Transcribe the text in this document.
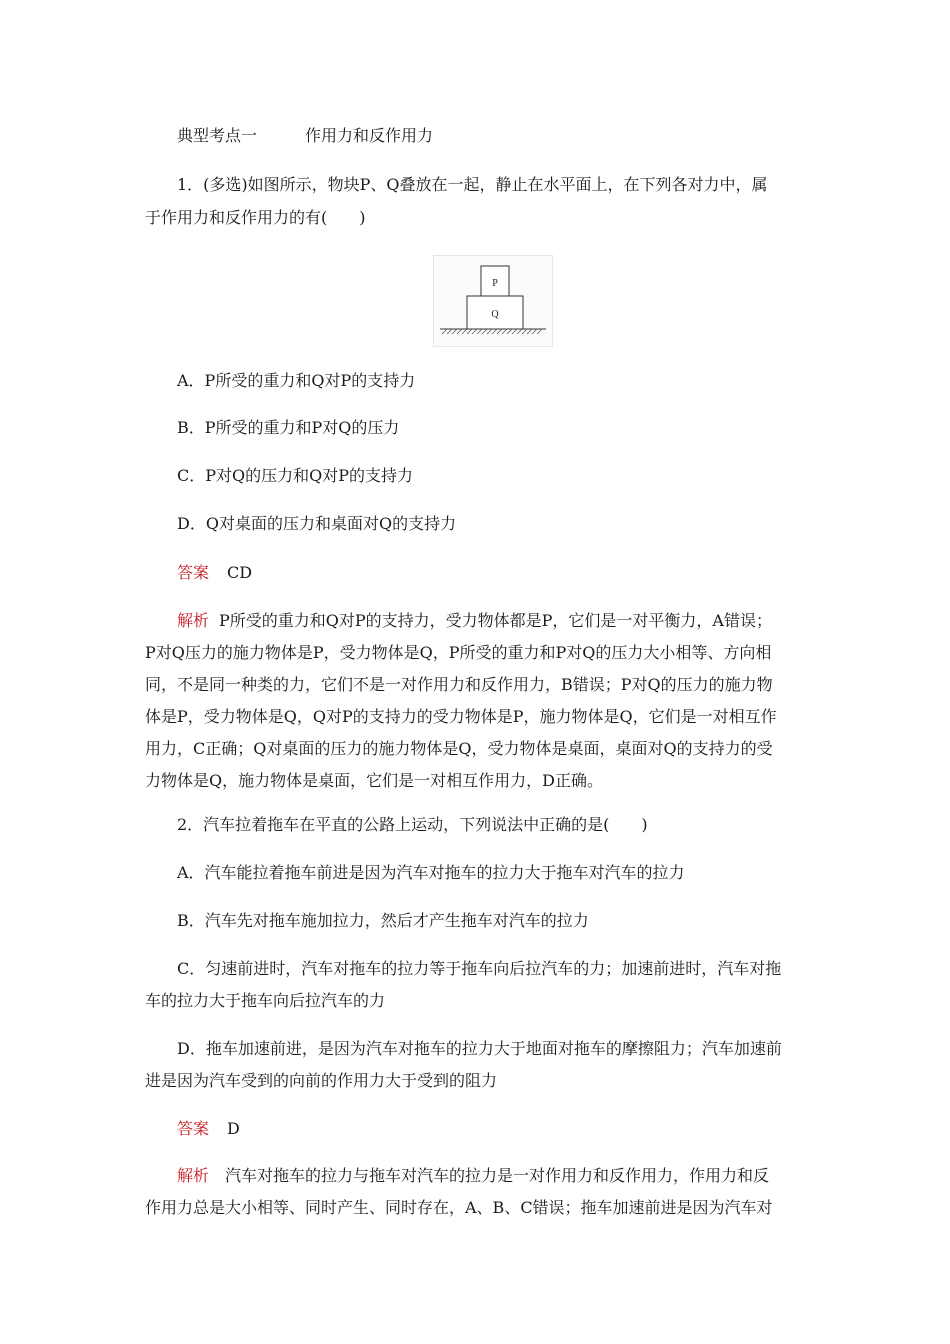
典型考点一	作用力和反作用力
1．(多选)如图所示，物块P、Q叠放在一起，静止在水平面上，在下列各对力中，属
于作用力和反作用力的有(　　)
P
Q
A．P所受的重力和Q对P的支持力
B．P所受的重力和P对Q的压力
C．P对Q的压力和Q对P的支持力
D．Q对桌面的压力和桌面对Q的支持力
答案 CD
解析 P所受的重力和Q对P的支持力，受力物体都是P，它们是一对平衡力，A错误；
P对Q压力的施力物体是P，受力物体是Q，P所受的重力和P对Q的压力大小相等、方向相
同，不是同一种类的力，它们不是一对作用力和反作用力，B错误；P对Q的压力的施力物
体是P，受力物体是Q，Q对P的支持力的受力物体是P，施力物体是Q，它们是一对相互作
用力，C正确；Q对桌面的压力的施力物体是Q，受力物体是桌面，桌面对Q的支持力的受
力物体是Q，施力物体是桌面，它们是一对相互作用力，D正确。
2．汽车拉着拖车在平直的公路上运动，下列说法中正确的是(　　)
A．汽车能拉着拖车前进是因为汽车对拖车的拉力大于拖车对汽车的拉力
B．汽车先对拖车施加拉力，然后才产生拖车对汽车的拉力
C．匀速前进时，汽车对拖车的拉力等于拖车向后拉汽车的力；加速前进时，汽车对拖
车的拉力大于拖车向后拉汽车的力
D．拖车加速前进，是因为汽车对拖车的拉力大于地面对拖车的摩擦阻力；汽车加速前
进是因为汽车受到的向前的作用力大于受到的阻力
答案 D
解析 汽车对拖车的拉力与拖车对汽车的拉力是一对作用力和反作用力，作用力和反
作用力总是大小相等、同时产生、同时存在，A、B、C错误；拖车加速前进是因为汽车对
